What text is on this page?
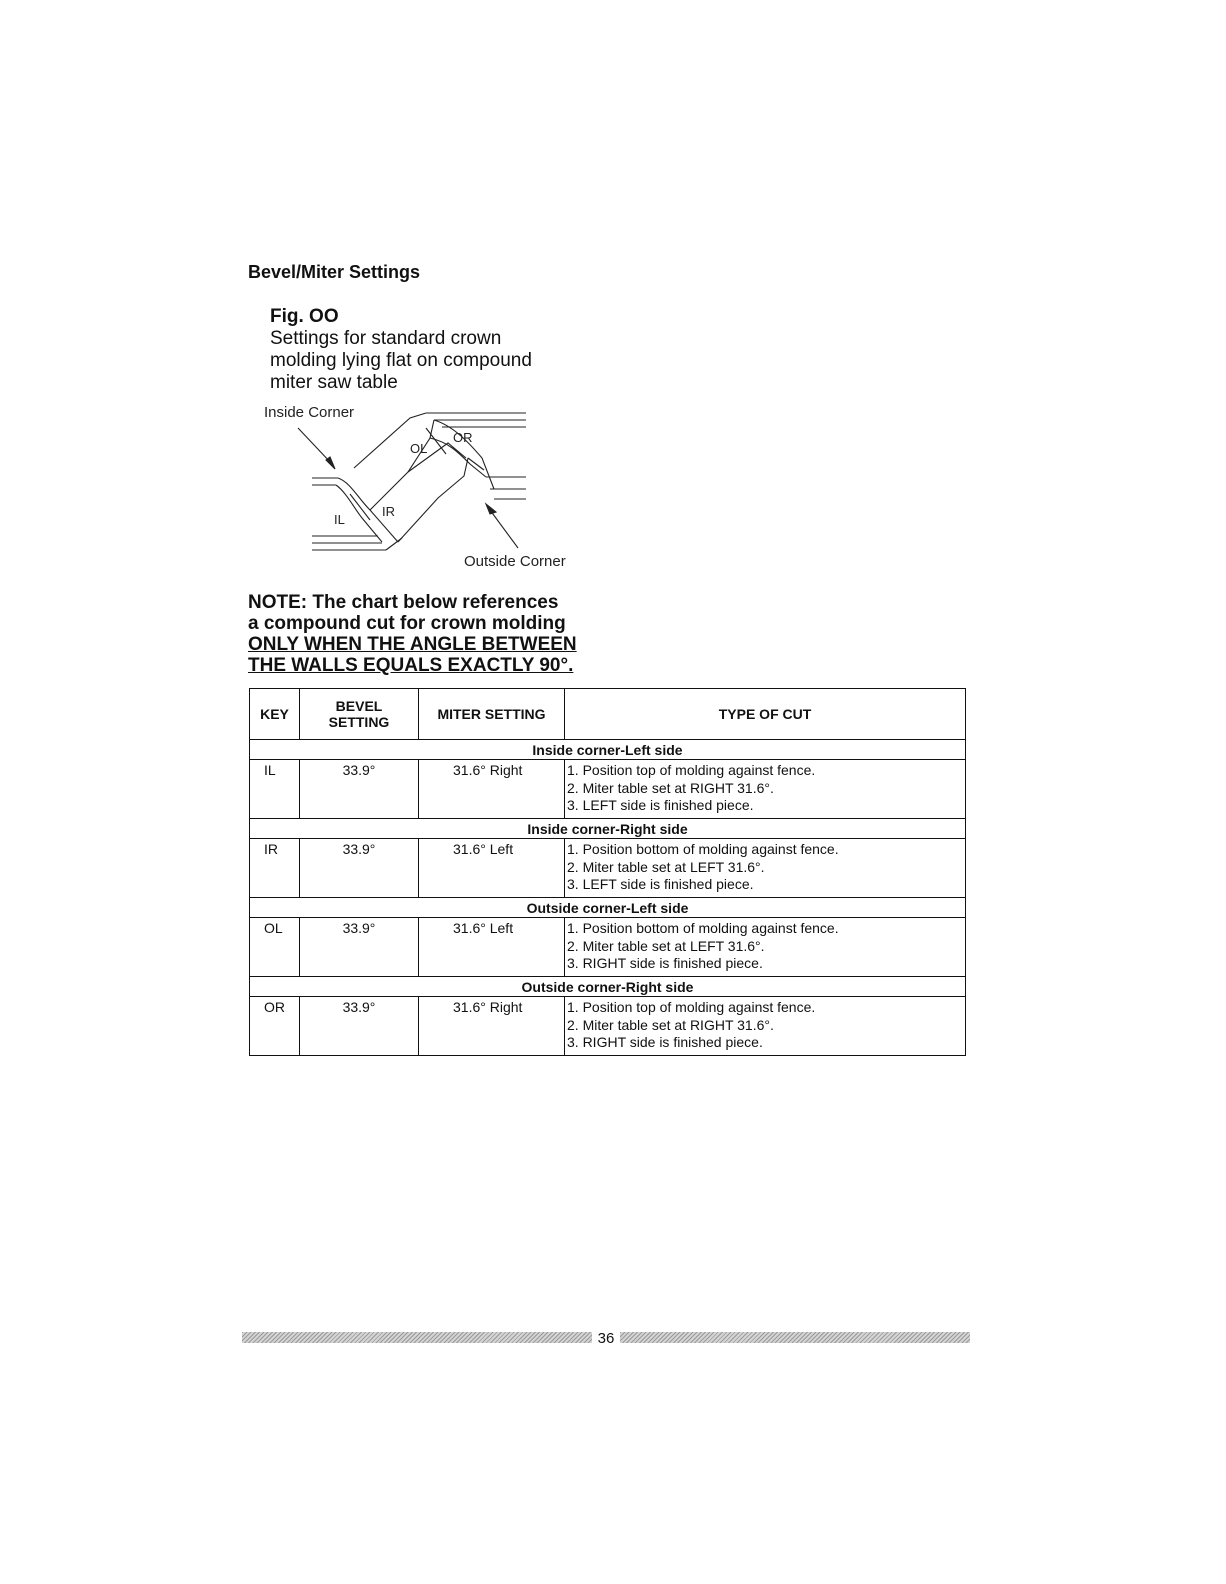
Bevel/Miter Settings
Fig. OO
Settings for standard crown molding lying flat on compound miter saw table
Inside Corner
IL
IR
OL
OR
Outside Corner
NOTE: The chart below references
a compound cut for crown molding
ONLY WHEN THE ANGLE BETWEEN
THE WALLS EQUALS EXACTLY 90°.
KEY	BEVEL
SETTING	MITER SETTING	TYPE OF CUT
Inside corner-Left side			
IL	33.9°	31.6° Right	1. Position top of molding against fence.
2. Miter table set at RIGHT 31.6°.
3. LEFT side is finished piece.

Inside corner-Right side			
IR	33.9°	31.6° Left	1. Position bottom of molding against fence.
2. Miter table set at LEFT 31.6°.
3. LEFT side is finished piece.

Outside corner-Left side			
OL	33.9°	31.6° Left	1. Position bottom of molding against fence.
2. Miter table set at LEFT 31.6°.
3. RIGHT side is finished piece.

Outside corner-Right side			
OR	33.9°	31.6° Right	1. Position top of molding against fence.
2. Miter table set at RIGHT 31.6°.
3. RIGHT side is finished piece.
36
